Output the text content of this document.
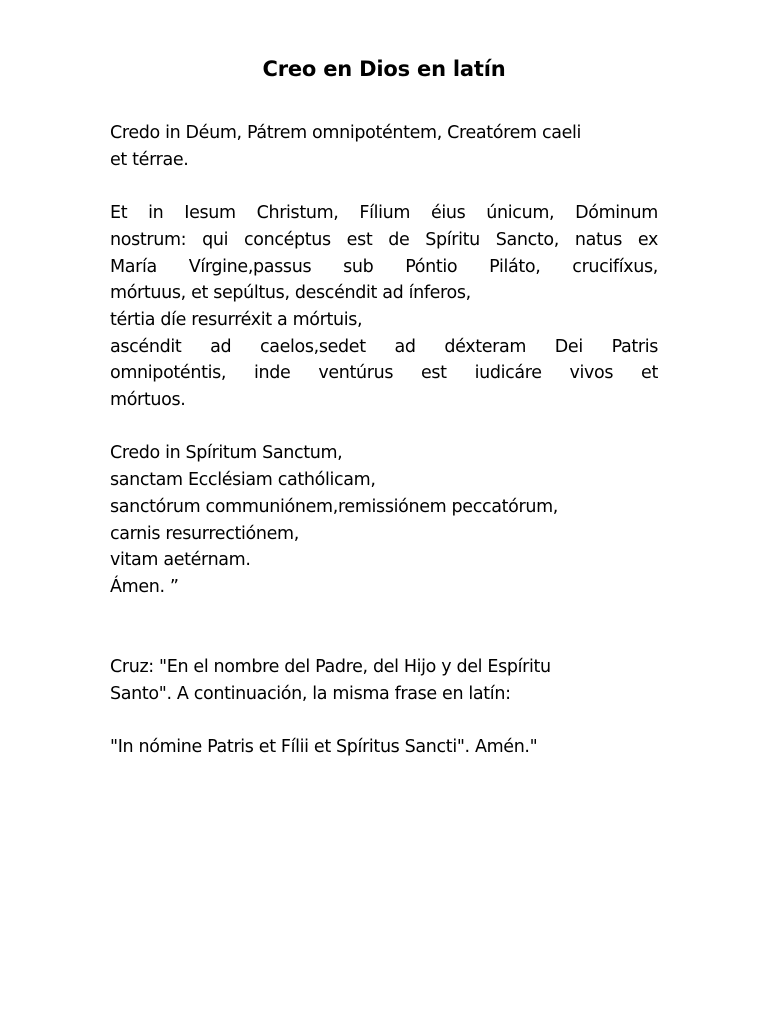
Creo en Dios en latín

Credo in Déum, Pátrem omnipoténtem, Creatórem caeli
et térrae.

Et in Iesum Christum, Fílium éius únicum, Dóminum
nostrum: qui concéptus est de Spíritu Sancto, natus ex
María Vírgine,passus sub Póntio Piláto, crucifíxus,
mórtuus, et sepúltus, descéndit ad ínferos,
tértia díe resurréxit a mórtuis,
ascéndit ad caelos,sedet ad déxteram Dei Patris
omnipoténtis, inde ventúrus est iudicáre vivos et
mórtuos.

Credo in Spíritum Sanctum,
sanctam Ecclésiam cathólicam,
sanctórum communiónem,remissiónem peccatórum,
carnis resurrectiónem,
vitam aetérnam.
Ámen. ”

Cruz: "En el nombre del Padre, del Hijo y del Espíritu
Santo". A continuación, la misma frase en latín:

"In nómine Patris et Fílii et Spíritus Sancti". Amén."
